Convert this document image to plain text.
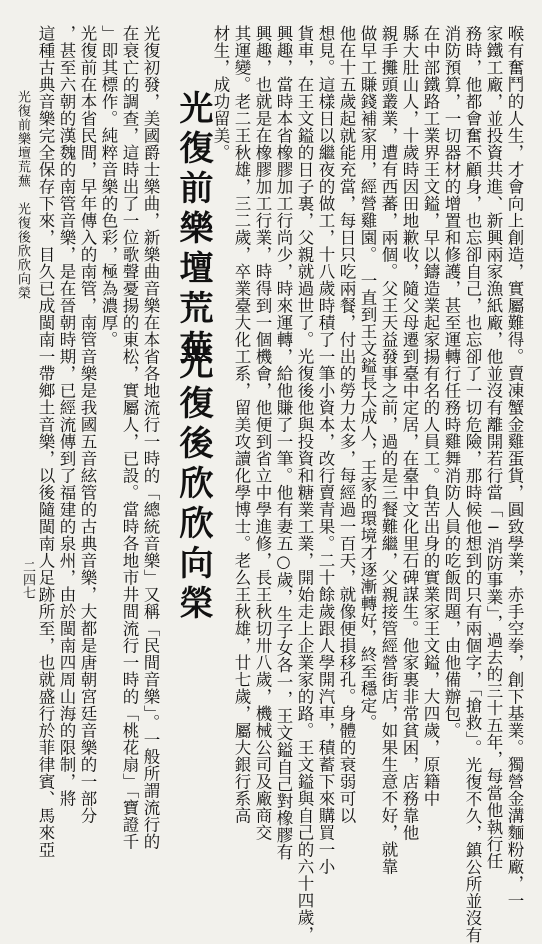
喉有奮鬥的人生，才會向上創造，實屬難得。賣凍蟹金雞蛋貨，圓致學業，赤手空拳，創下基業。獨營金溝麵粉廠，一
家鐵工廠，並投資共進、新興兩家漁紙廠，他並沒有離開若行當「─消防事業」，過去的三十五年，每當他執行任
務時，他都會奮不顧身，也忘卻自己，也忘卻了一切危險，那時候他想到的只有兩個字，「搶救」。光復不久，鎮公所並沒有
消防預算，一切器材的增置和修護，甚至運轉行任務時雞舞消防人員的吃飯問題，由他備辦包。
在中部鐵路工業界王文鎰，早以鑄造業起家揚有名的人員工。負苦出身的實業家王文鎰，大四歲，原籍中
縣大肚山人，十歲時因田地歉收，隨父母遷到臺中定居，在臺中文化里石碑謀生。他家裏非常貧困，店務靠他
親手攤頭叢業，遭有西蕃，兩個。父王天益發事之前，過的是三餐難繼，父親接管經營街店，如果生意不好，就靠
做早工賺錢補家用，經營雞園。　一直到王文鎰長大成人，王家的環境才逐漸轉好，終至穩定。
他在十五歲起就能充當，每日只吃兩餐，付出的勞力太多，每經過一百天，就像便損移孔。身體的衰弱可以
想見。這樣日以繼夜的做工，十八歲時積了一筆小資本，改行賣青果。二十餘歲跟人學開汽車，積蓄下來購買一小
貨車，在王文鎰的日子裏，父親就過世了。光復後他與投資和糖業工業，開始走上企業家的路。王文鎰與自己的六十四歲，
興趣，當時本省橡膠加工行尚少，時來運轉，給他賺了一筆。他有妻五○歲，生子女各一，王文鎰自己對橡膠有
興趣，也就是在橡膠加工行業，時得到一個機會，他便到省立中學進修，長王秋切卅八歲，機械公司及廠商交
其運變。老二王秋雄，三二歲，卒業臺大化工系，留美攻讀化學博士。老么王秋雄，廿七歲，屬大銀行系高
材生，成功留美。
光復前樂壇荒蕪
光復後欣欣向榮
光復初發，美國爵士樂曲，新樂曲音樂在本省各地流行一時的「總統音樂」又稱「民間音樂」。一般所謂流行的
在衰亡的調查，這時出了一位歌聲憂揚的東松，實屬人，已設。當時各地市井間流行一時的「桃花扇」「寶證千
」即其標作。純粹音樂的色彩，極為濃厚。
光復前在本省民間，早年傳入的南管，南管音樂是我國五音絃管的古典音樂，大都是唐朝宮廷音樂的一部分
，甚至六朝的漢魏的南管音樂，是在晉朝時期，已經流傳到了福建的泉州，由於閩南四周山海的限制，將
這種古典音樂完全保存下來，目久已成閩南一帶鄉土音樂，以後隨閩南人足跡所至，也就盛行於菲律賓、馬來亞
光復前樂壇荒蕪　光復後欣欣向榮
二四七
